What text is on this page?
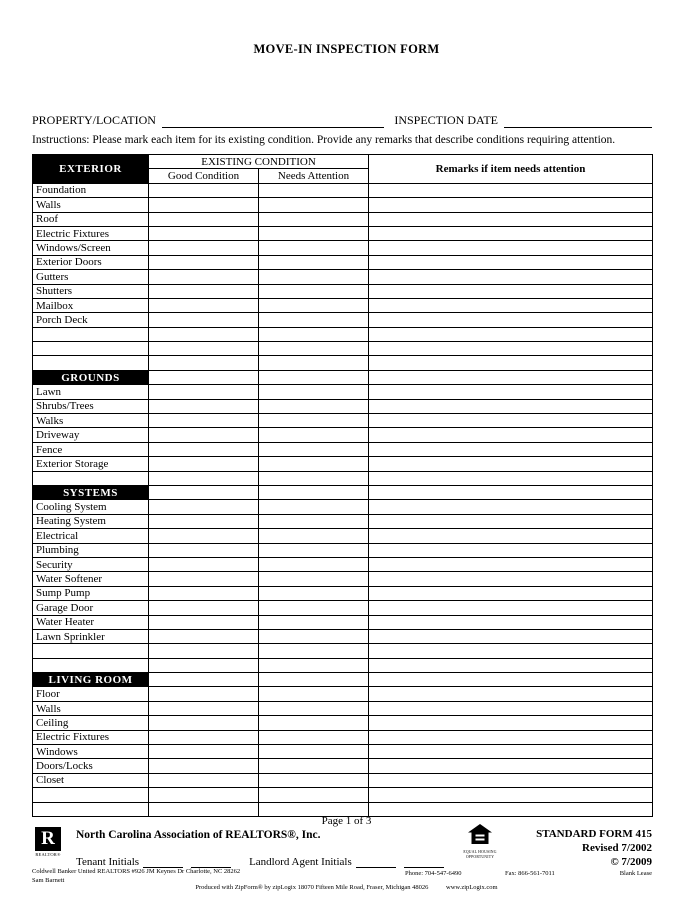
MOVE-IN INSPECTION FORM
PROPERTY/LOCATION	INSPECTION DATE
Instructions: Please mark each item for its existing condition. Provide any remarks that describe conditions requiring attention.
EXTERIOR	EXISTING CONDITION		Remarks if item needs attention
	Good Condition	Needs Attention	
Foundation			
Walls			
Roof			
Electric Fixtures			
Windows/Screen			
Exterior Doors			
Gutters			
Shutters			
Mailbox			
Porch Deck			

GROUNDS			
Lawn			
Shrubs/Trees			
Walks			
Driveway			
Fence			
Exterior Storage			

SYSTEMS			
Cooling System			
Heating System			
Electrical			
Plumbing			
Security			
Water Softener			
Sump Pump			
Garage Door			
Water Heater			
Lawn Sprinkler			

LIVING ROOM			
Floor			
Walls			
Ceiling			
Electric Fixtures			
Windows			
Doors/Locks			
Closet			

Page 1 of 3
R
REALTOR®
North Carolina Association of REALTORS®, Inc.	STANDARD FORM 415
Revised 7/2002
© 7/2009
EQUAL HOUSING OPPORTUNITY
Tenant Initials	Landlord Agent Initials
Coldwell Banker United REALTORS #926 JM Keynes Dr Charlotte, NC 28262
Sam Barnett
Phone: 704-547-6490	Fax: 866-561-7011	Blank Lease
Produced with ZipForm® by zipLogix 18070 Fifteen Mile Road, Fraser, Michigan 48026	www.zipLogix.com
